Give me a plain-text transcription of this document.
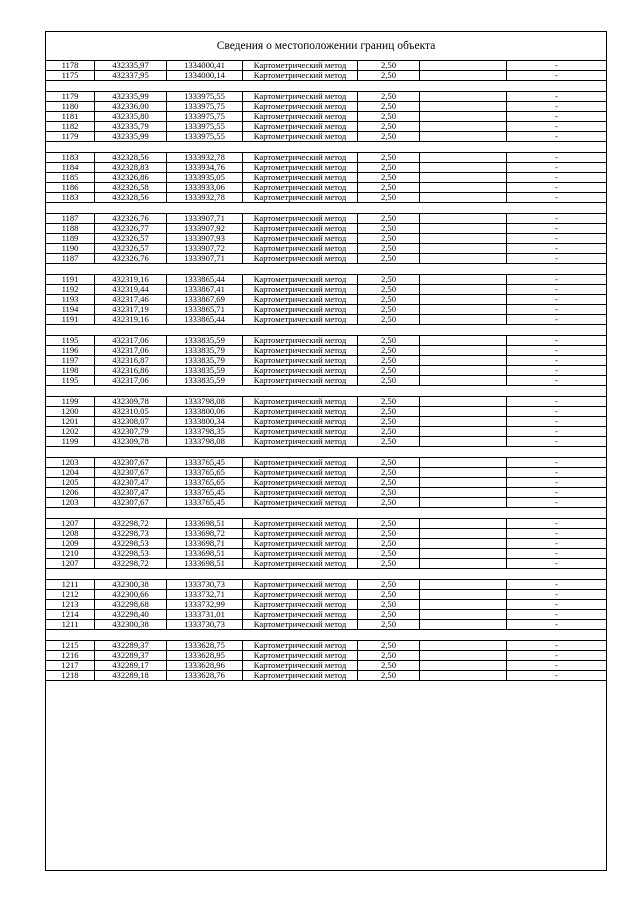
Сведения о местоположении границ объекта
1178	432335,97	1334000,41	Картометрический метод	2,50	-
1175	432337,95	1334000,14	Картометрический метод	2,50	-
1179	432335,99	1333975,55	Картометрический метод	2,50	-
1180	432336,00	1333975,75	Картометрический метод	2,50	-
1181	432335,80	1333975,75	Картометрический метод	2,50	-
1182	432335,79	1333975,55	Картометрический метод	2,50	-
1179	432335,99	1333975,55	Картометрический метод	2,50	-
1183	432328,56	1333932,78	Картометрический метод	2,50	-
1184	432328,83	1333934,76	Картометрический метод	2,50	-
1185	432326,86	1333935,05	Картометрический метод	2,50	-
1186	432326,58	1333933,06	Картометрический метод	2,50	-
1183	432328,56	1333932,78	Картометрический метод	2,50	-
1187	432326,76	1333907,71	Картометрический метод	2,50	-
1188	432326,77	1333907,92	Картометрический метод	2,50	-
1189	432326,57	1333907,93	Картометрический метод	2,50	-
1190	432326,57	1333907,72	Картометрический метод	2,50	-
1187	432326,76	1333907,71	Картометрический метод	2,50	-
1191	432319,16	1333865,44	Картометрический метод	2,50	-
1192	432319,44	1333867,41	Картометрический метод	2,50	-
1193	432317,46	1333867,69	Картометрический метод	2,50	-
1194	432317,19	1333865,71	Картометрический метод	2,50	-
1191	432319,16	1333865,44	Картометрический метод	2,50	-
1195	432317,06	1333835,59	Картометрический метод	2,50	-
1196	432317,06	1333835,79	Картометрический метод	2,50	-
1197	432316,87	1333835,79	Картометрический метод	2,50	-
1198	432316,86	1333835,59	Картометрический метод	2,50	-
1195	432317,06	1333835,59	Картометрический метод	2,50	-
1199	432309,78	1333798,08	Картометрический метод	2,50	-
1200	432310,05	1333800,06	Картометрический метод	2,50	-
1201	432308,07	1333800,34	Картометрический метод	2,50	-
1202	432307,79	1333798,35	Картометрический метод	2,50	-
1199	432309,78	1333798,08	Картометрический метод	2,50	-
1203	432307,67	1333765,45	Картометрический метод	2,50	-
1204	432307,67	1333765,65	Картометрический метод	2,50	-
1205	432307,47	1333765,65	Картометрический метод	2,50	-
1206	432307,47	1333765,45	Картометрический метод	2,50	-
1203	432307,67	1333765,45	Картометрический метод	2,50	-
1207	432298,72	1333698,51	Картометрический метод	2,50	-
1208	432298,73	1333698,72	Картометрический метод	2,50	-
1209	432298,53	1333698,71	Картометрический метод	2,50	-
1210	432298,53	1333698,51	Картометрический метод	2,50	-
1207	432298,72	1333698,51	Картометрический метод	2,50	-
1211	432300,38	1333730,73	Картометрический метод	2,50	-
1212	432300,66	1333732,71	Картометрический метод	2,50	-
1213	432298,68	1333732,99	Картометрический метод	2,50	-
1214	432298,40	1333731,01	Картометрический метод	2,50	-
1211	432300,38	1333730,73	Картометрический метод	2,50	-
1215	432289,37	1333628,75	Картометрический метод	2,50	-
1216	432289,37	1333628,95	Картометрический метод	2,50	-
1217	432289,17	1333628,96	Картометрический метод	2,50	-
1218	432289,18	1333628,76	Картометрический метод	2,50	-
